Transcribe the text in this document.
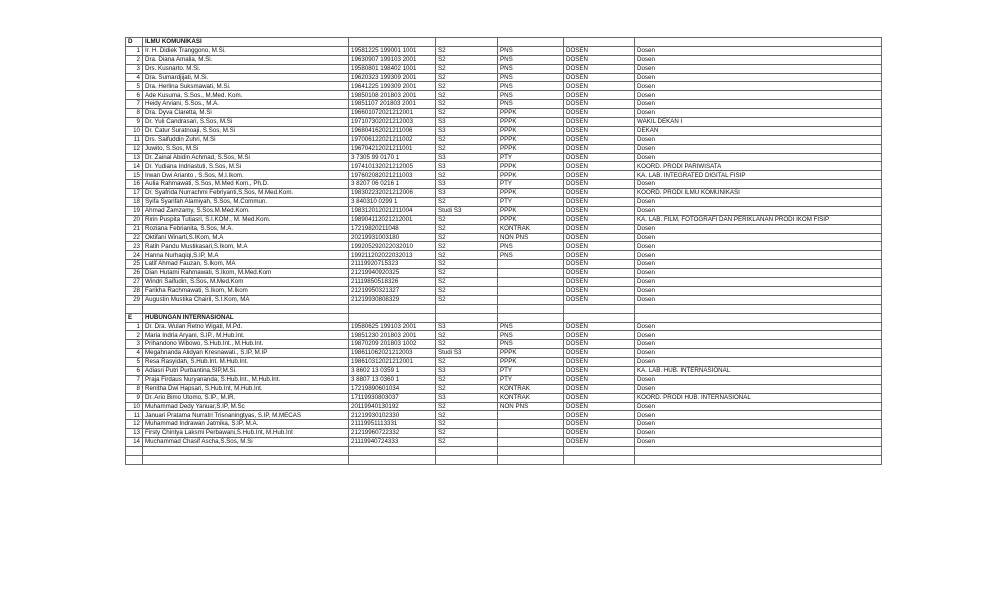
D	ILMU KOMUNIKASI					
1	Ir. H. Didiek Tranggono, M.Si.	19581225 199001 1001	S2	PNS	DOSEN	Dosen
2	Dra. Diana Amalia, M.Si.	19630907 199103 2001	S2	PNS	DOSEN	Dosen
3	Drs. Kusnarto. M.Si.	19580801 198402 1001	S2	PNS	DOSEN	Dosen
4	Dra. Sumardjijati, M.Si.	19620323 199309 2001	S2	PNS	DOSEN	Dosen
5	Dra. Herlina Suksmawati, M.Si.	19641225 199309 2001	S2	PNS	DOSEN	Dosen
6	Ade Kusuma, S.Sos., M.Med. Kom.	19850108 201803 2001	S2	PNS	DOSEN	Dosen
7	Heidy Arviani, S.Sos., M.A.	19851107 201803 2001	S2	PNS	DOSEN	Dosen
8	Dra. Dyva Claretta, M.Si	196601072021212001	S2	PPPK	DOSEN	Dosen
9	Dr. Yuli Candrasari, S.Sos, M.Si	197107302021212003	S3	PPPK	DOSEN	WAKIL DEKAN I
10	Dr. Catur Suratnoaji, S.Sos, M.Si	196804162021211006	S3	PPPK	DOSEN	DEKAN
11	Drs. Saifuddin Zuhri, M.Si	197006122021211002	S2	PPPK	DOSEN	Dosen
12	Juwito, S.Sos, M.Si	196704212021211001	S2	PPPK	DOSEN	Dosen
13	Dr. Zainal Abidin Achmad, S.Sos, M.Si	3 7305 99 0170 1	S3	PTY	DOSEN	Dosen
14	Dr. Yudiana Indriastuti, S.Sos, M.Si	197410132021212005	S3	PPPK	DOSEN	KOORD. PRODI PARIWISATA
15	Irwan Dwi Arianto , S.Sos, M.I.Ikom.	197602082021211003	S2	PPPK	DOSEN	KA. LAB. INTEGRATED DIGITAL FISIP
16	Aulia Rahmawati, S.Sos, M.Med Kom., Ph.D.	3 8207 06 0216 1	S3	PTY	DOSEN	Dosen
17	Dr. Syafrida Nurrachmi Febriyanti,S.Sos, M.Med.Kom.	198302232021212006	S3	PPPK	DOSEN	KOORD. PRODI ILMU KOMUNIKASI
18	Syifa Syarifah Alamiyah, S.Sos, M.Commun.	3 840310 0299 1	S2	PTY	DOSEN	Dosen
19	Ahmad Zamzamy, S.Sos.M.Med.Kom.	198312012021211004	Studi S3	PPPK	DOSEN	Dosen
20	Ririn Puspita Tutiasri, S.I.KOM., M. Med.Kom.	198904112021212001	S2	PPPK	DOSEN	KA. LAB. FILM, FOTOGRAFI DAN PERIKLANAN PRODI IKOM FISIP
21	Roziana Febrianita, S.Sos, M.A.	17219820211048	S2	KONTRAK	DOSEN	Dosen
22	Oktifani Winarti,S.IKom, M.A	20219931003180	S2	NON PNS	DOSEN	Dosen
23	Ratih Pandu Mustikasari,S.Ikom, M.A	199205292022032010	S2	PNS	DOSEN	Dosen
24	Hanna Nurhaqiqi,S.IP, M.A	199211202022032013	S2	PNS	DOSEN	Dosen
25	Latif Ahmad Fauzan, S.Ikom, MA	21119920715323	S2		DOSEN	Dosen
26	Dian Hutami Rahmawati, S.Ikom, M.Med.Kom	21219940920325	S2		DOSEN	Dosen
27	Windri Saifudin, S.Sos, M.Med.Kom	21119850518326	S2		DOSEN	Dosen
28	Farikha Rachmawati, S.Ikom, M.Ikom	21219950321327	S2		DOSEN	Dosen
29	Augustin Mustika Chairil, S.I.Kom, MA	21219930808329	S2		DOSEN	Dosen

E	HUBUNGAN INTERNASIONAL					
1	Dr. Dra. Wulan Retno Wigati, M.Pd.	19580625 199103 2001	S3	PNS	DOSEN	Dosen
2	Maria Indria Aryani, S.IP., M.Hub.Int.	19851230 201803 2001	S2	PNS	DOSEN	Dosen
3	Prihandono Wibowo, S.Hub.Int., M.Hub.Int.	19870209 201803 1002	S2	PNS	DOSEN	Dosen
4	Megahnanda Alidyan Kresnawati., S.IP, M.IP	198611062021212003	Studi S3	PPPK	DOSEN	Dosen
5	Resa Rasyidah, S.Hub.Int. M.Hub.Int.	198610312021212001	S2	PPPK	DOSEN	Dosen
6	Adiasri Putri Purbantina,SIP,M.Si.	3 8602 13 0359 1	S3	PTY	DOSEN	KA. LAB. HUB. INTERNASIONAL
7	Praja Firdaus Nuryananda, S.Hub.Int., M.Hub.Int.	3 8807 13 0360 1	S2	PTY	DOSEN	Dosen
8	Renitha Dwi Hapsari, S.Hub.Int, M.Hub.Int.	17219890601034	S2	KONTRAK	DOSEN	Dosen
9	Dr. Ario Bimo Utomo, S.IP., M.IR.	17119930803037	S3	KONTRAK	DOSEN	KOORD. PRODI HUB. INTERNASIONAL
10	Muhammad Dedy Yanuar,S.IP, M.Sc	20119940130192	S2	NON PNS	DOSEN	Dosen
11	Januari Pratama Nurratri Trisnaningtyas, S.IP, M.MECAS	21219930102330	S2		DOSEN	Dosen
12	Muhammad Indrawan Jatmika, S.IP, M.A.	21119951113331	S2		DOSEN	Dosen
13	Firsty Chintya Laksmi Perbawani,S.Hub.Int, M.Hub.Int	21219960722332	S2		DOSEN	Dosen
14	Muchammad Chasif Ascha,S.Sos, M.Si	21119940724333	S2		DOSEN	Dosen
